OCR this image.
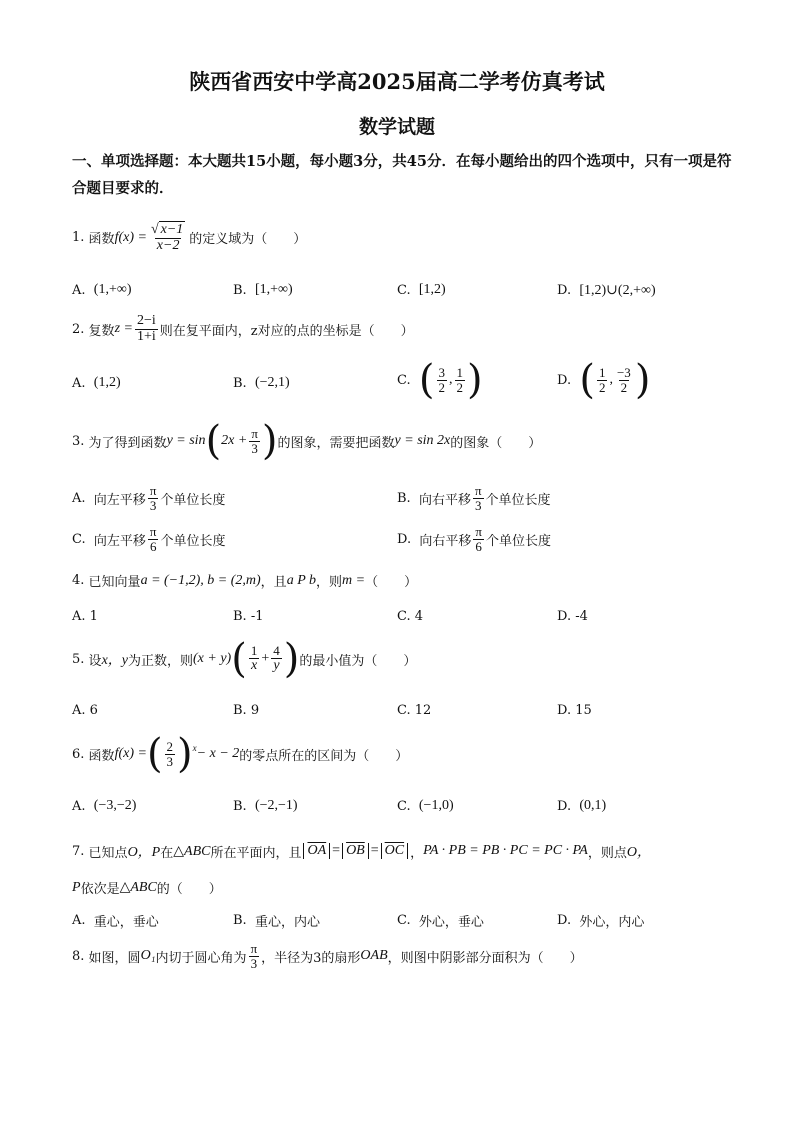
陕西省西安中学高2025届高二学考仿真考试
数学试题
一、单项选择题：本大题共15小题，每小题3分，共45分．在每小题给出的四个选项中，只有一项是符合题目要求的．
1.
函数 $f(x) = \frac{√ x-1}{x-2}$ 的定义域为（　　）
A.
(1,+∞)	B.
[1,+∞)	C.
[1,2)	D.
[1,2)∪(2,+∞)
2.
复数 $z = \frac{2-i}{1+i}$ 则在复平面内，z对应的点的坐标是（　　）
A.
(1,2)	B.
(−2,1)	C.
( $\frac{3}{2}$ , $\frac{1}{2}$ )	D.
( $\frac{1}{2}$ , $\frac{-3}{2}$ )
3.
为了得到函数 y = sin ( $2x + \frac{\pi}{3}$ ) 的图象，需要把函数 y = sin 2x 的图象（　　）
A.
向左平移 $\frac{\pi}{3}$ 个单位长度	B.
向右平移 $\frac{\pi}{3}$ 个单位长度
C.
向左平移 $\frac{\pi}{6}$ 个单位长度	D.
向右平移 $\frac{\pi}{6}$ 个单位长度
4.
已知向量 a = (−1,2), b = (2,m) ，且 a P b ，则 m = （　　）
A.
1	B.
-1	C.
4	D.
-4
5.
设 x，y 为正数，则 (x + y) ( $\frac{1}{x} + \frac{4}{y}$ ) 的最小值为（　　）
A.
6	B.
9	C.
12	D.
15
6.
函数 f(x) = ( $\frac{2}{3}$ ) x − x − 2 的零点所在的区间为（　　）
A.
(−3,−2)	B.
(−2,−1)	C.
(−1,0)	D.
(0,1)
7.
已知点 O，P 在 △ABC 所在平面内，且 $\overline{OA} = \overline{OB} = \overline{OC}$ ， PA · PB = PB · PC = PC · PA ，则点 O，
P 依次是 △ABC 的（　　）
A.
重心，垂心	B.
重心，内心	C.
外心，垂心	D.
外心，内心
8.
如图，圆 O₁ 内切于圆心角为 $\frac{\pi}{3}$ ，半径为3的扇形 OAB ，则图中阴影部分面积为（　　）
